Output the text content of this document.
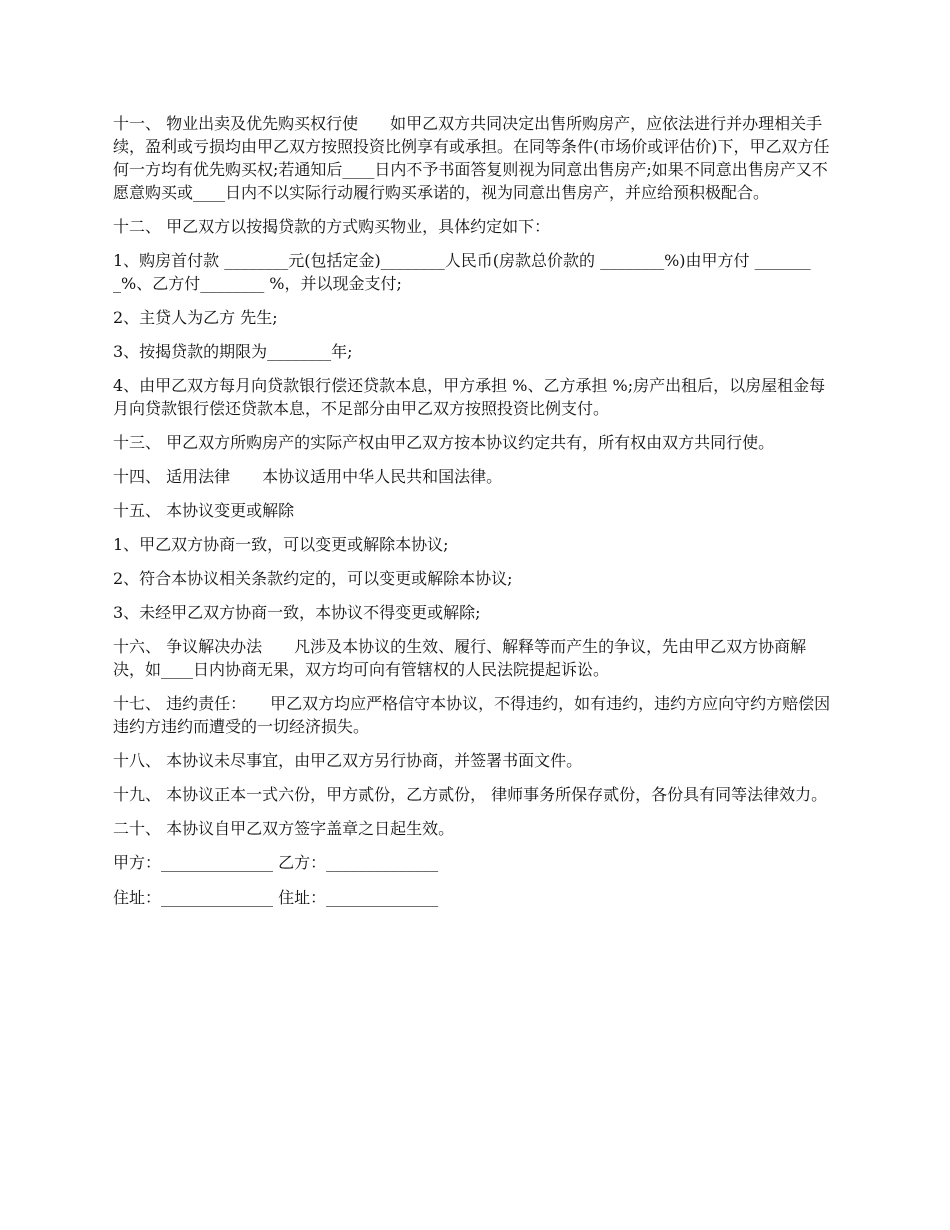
十一、 物业出卖及优先购买权行使　　如甲乙双方共同决定出售所购房产，应依法进行并办理相关手续，盈利或亏损均由甲乙双方按照投资比例享有或承担。在同等条件(市场价或评估价)下，甲乙双方任何一方均有优先购买权;若通知后____日内不予书面答复则视为同意出售房产;如果不同意出售房产又不愿意购买或____日内不以实际行动履行购买承诺的，视为同意出售房产，并应给预积极配合。

十二、 甲乙双方以按揭贷款的方式购买物业，具体约定如下：

1、购房首付款 ________元(包括定金)________人民币(房款总价款的 ________%)由甲方付 ________%、乙方付________ %，并以现金支付;

2、主贷人为乙方 先生;

3、按揭贷款的期限为________年;

4、由甲乙双方每月向贷款银行偿还贷款本息，甲方承担 %、乙方承担 %;房产出租后，以房屋租金每月向贷款银行偿还贷款本息，不足部分由甲乙双方按照投资比例支付。

十三、 甲乙双方所购房产的实际产权由甲乙双方按本协议约定共有，所有权由双方共同行使。

十四、 适用法律　　本协议适用中华人民共和国法律。

十五、 本协议变更或解除

1、甲乙双方协商一致，可以变更或解除本协议;

2、符合本协议相关条款约定的，可以变更或解除本协议;

3、未经甲乙双方协商一致，本协议不得变更或解除;

十六、 争议解决办法　　凡涉及本协议的生效、履行、解释等而产生的争议，先由甲乙双方协商解决，如____日内协商无果，双方均可向有管辖权的人民法院提起诉讼。

十七、 违约责任：　　甲乙双方均应严格信守本协议，不得违约，如有违约，违约方应向守约方赔偿因违约方违约而遭受的一切经济损失。

十八、 本协议未尽事宜，由甲乙双方另行协商，并签署书面文件。

十九、 本协议正本一式六份，甲方贰份，乙方贰份， 律师事务所保存贰份，各份具有同等法律效力。

二十、 本协议自甲乙双方签字盖章之日起生效。

甲方：______________ 乙方：______________

住址：______________ 住址：______________
